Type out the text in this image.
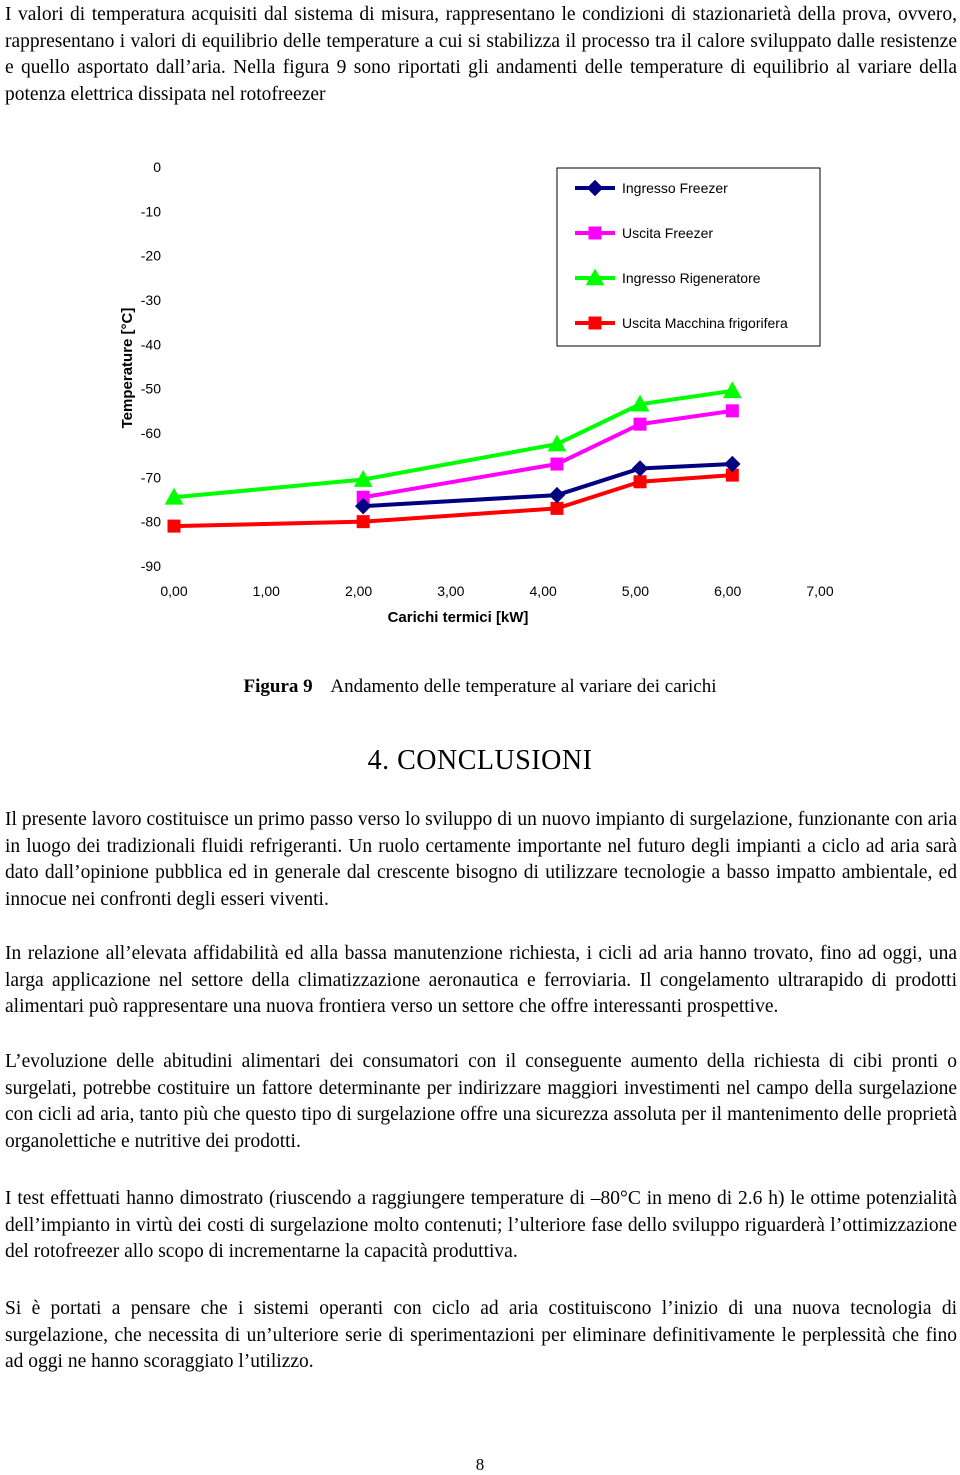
I valori di temperatura acquisiti dal sistema di misura, rappresentano le condizioni di stazionarietà della prova, ovvero, rappresentano i valori di equilibrio delle temperature a cui si stabilizza il processo tra il calore sviluppato dalle resistenze e quello asportato dall’aria. Nella figura 9 sono riportati gli andamenti delle temperature di equilibrio al variare della potenza elettrica dissipata nel rotofreezer

0
-10
-20
-30
-40
-50
-60
-70
-80
-90
0,00	1,00	2,00	3,00	4,00	5,00	6,00	7,00
Temperature [°C]
Carichi termici [kW]
Ingresso Freezer
Uscita Freezer
Ingresso Rigeneratore
Uscita Macchina frigorifera
Figura 9 Andamento delle temperature al variare dei carichi
4. CONCLUSIONI

Il presente lavoro costituisce un primo passo verso lo sviluppo di un nuovo impianto di surgelazione, funzionante con aria in luogo dei tradizionali fluidi refrigeranti. Un ruolo certamente importante nel futuro degli impianti a ciclo ad aria sarà dato dall’opinione pubblica ed in generale dal crescente bisogno di utilizzare tecnologie a basso impatto ambientale, ed innocue nei confronti degli esseri viventi.

In relazione all’elevata affidabilità ed alla bassa manutenzione richiesta, i cicli ad aria hanno trovato, fino ad oggi, una larga applicazione nel settore della climatizzazione aeronautica e ferroviaria. Il congelamento ultrarapido di prodotti alimentari può rappresentare una nuova frontiera verso un settore che offre interessanti prospettive.

L’evoluzione delle abitudini alimentari dei consumatori con il conseguente aumento della richiesta di cibi pronti o surgelati, potrebbe costituire un fattore determinante per indirizzare maggiori investimenti nel campo della surgelazione con cicli ad aria, tanto più che questo tipo di surgelazione offre una sicurezza assoluta per il mantenimento delle proprietà organolettiche e nutritive dei prodotti.

I test effettuati hanno dimostrato (riuscendo a raggiungere temperature di –80°C in meno di 2.6 h) le ottime potenzialità dell’impianto in virtù dei costi di surgelazione molto contenuti; l’ulteriore fase dello sviluppo riguarderà l’ottimizzazione del rotofreezer allo scopo di incrementarne la capacità produttiva.

Si è portati a pensare che i sistemi operanti con ciclo ad aria costituiscono l’inizio di una nuova tecnologia di surgelazione, che necessita di un’ulteriore serie di sperimentazioni per eliminare definitivamente le perplessità che fino ad oggi ne hanno scoraggiato l’utilizzo.

8
